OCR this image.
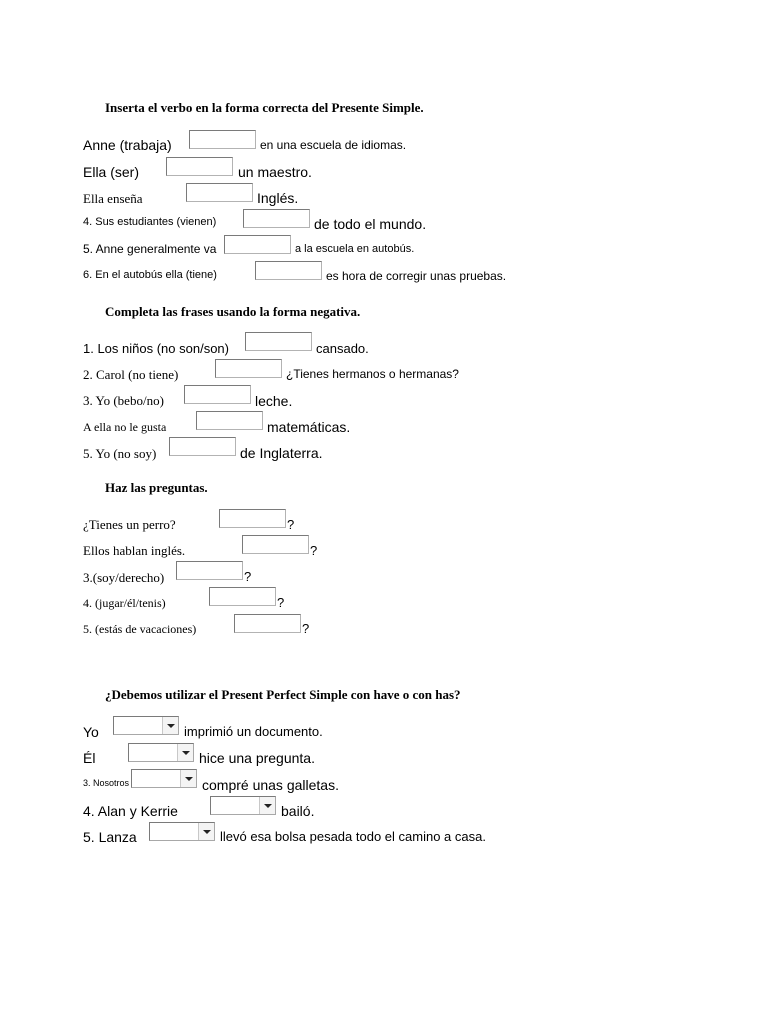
Inserta el verbo en la forma correcta del Presente Simple.
Anne (trabaja)	en una escuela de idiomas.
Ella (ser)	un maestro.
Ella enseña	Inglés.
4. Sus estudiantes (vienen)	de todo el mundo.
5. Anne generalmente va	a la escuela en autobús.
6. En el autobús ella (tiene)	es hora de corregir unas pruebas.
Completa las frases usando la forma negativa.
1. Los niños (no son/son)	cansado.
2. Carol (no tiene)	¿Tienes hermanos o hermanas?
3. Yo (bebo/no)	leche.
A ella no le gusta	matemáticas.
5. Yo (no soy)	de Inglaterra.
Haz las preguntas.
¿Tienes un perro?	?
Ellos hablan inglés.	?
3.(soy/derecho)	?
4. (jugar/él/tenis)	?
5. (estás de vacaciones)	?
¿Debemos utilizar el Present Perfect Simple con have o con has?
Yo	imprimió un documento.
Él	hice una pregunta.
3. Nosotros	compré unas galletas.
4. Alan y Kerrie	bailó.
5. Lanza	llevó esa bolsa pesada todo el camino a casa.
